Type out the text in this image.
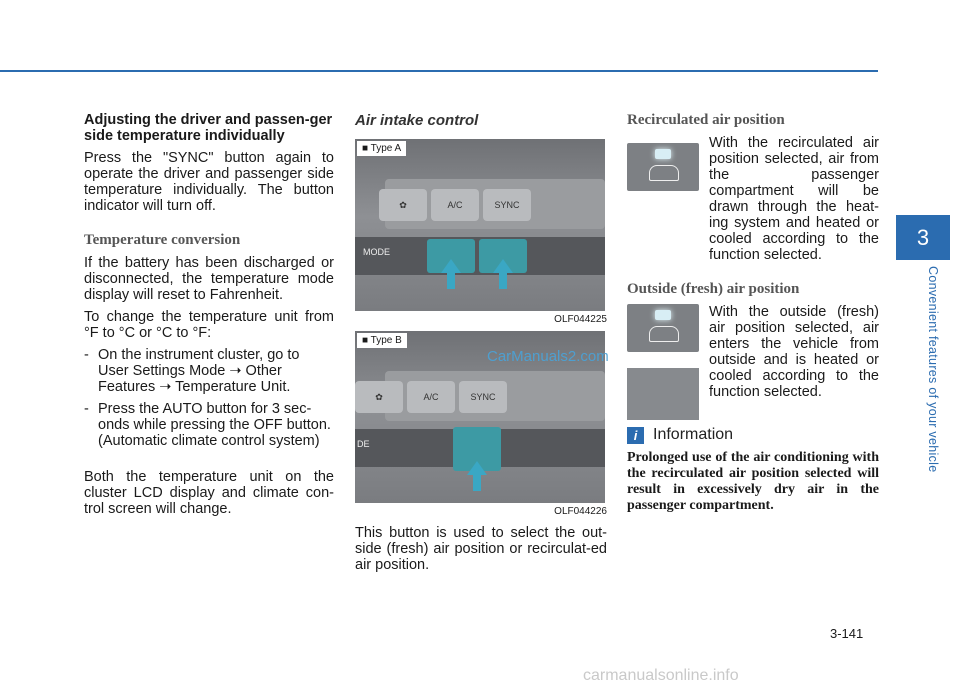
Adjusting the driver and passen-ger side temperature individually

Press the "SYNC" button again to operate the driver and passenger side temperature individually. The button indicator will turn off.

Temperature conversion

If the battery has been discharged or disconnected, the temperature mode display will reset to Fahrenheit.

To change the temperature unit from °F to °C or °C to °F:

- On the instrument cluster, go to User Settings Mode ➝ Other Features ➝ Temperature Unit.
- Press the AUTO button for 3 sec-onds while pressing the OFF button. (Automatic climate control system)

Both the temperature unit on the cluster LCD display and climate con-trol screen will change.

Air intake control
✿	A/C	SYNC
MODE
■ Type A
OLF044225
✿	A/C	SYNC
DE
■ Type B
OLF044226

This button is used to select the out-side (fresh) air position or recirculat-ed air position.

Recirculated air position

With the recirculated air position selected, air from the passenger compartment will be drawn through the heat-ing system and heated or cooled according to the function selected.

Outside (fresh) air position

With the outside (fresh) air position selected, air enters the vehicle from outside and is heated or cooled according to the function selected.

i Information

Prolonged use of the air conditioning with the recirculated air position selected will result in excessively dry air in the passenger compartment.

3
Convenient features of your vehicle
3-141
CarManuals2.com
carmanualsonline.info
